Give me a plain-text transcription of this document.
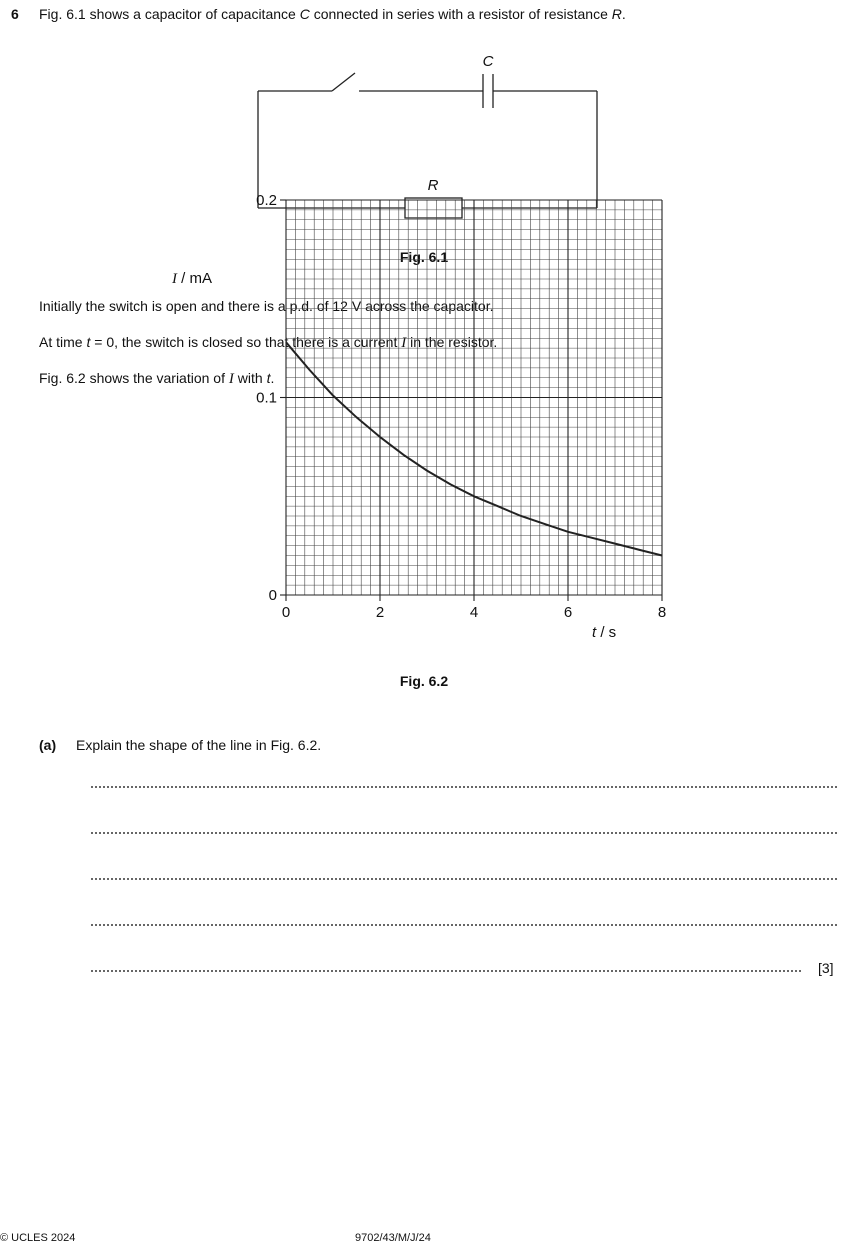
6 Fig. 6.1 shows a capacitor of capacitance C connected in series with a resistor of resistance R.
C
R
Fig. 6.1
Initially the switch is open and there is a p.d. of 12 V across the capacitor.
At time t = 0, the switch is closed so that there is a current I in the resistor.
Fig. 6.2 shows the variation of I with t.
0	2	4	6	8
0
0.1
0.2
I / mA
t / s
Fig. 6.2
(a) Explain the shape of the line in Fig. 6.2.
[3]
© UCLES 2024	9702/43/M/J/24
